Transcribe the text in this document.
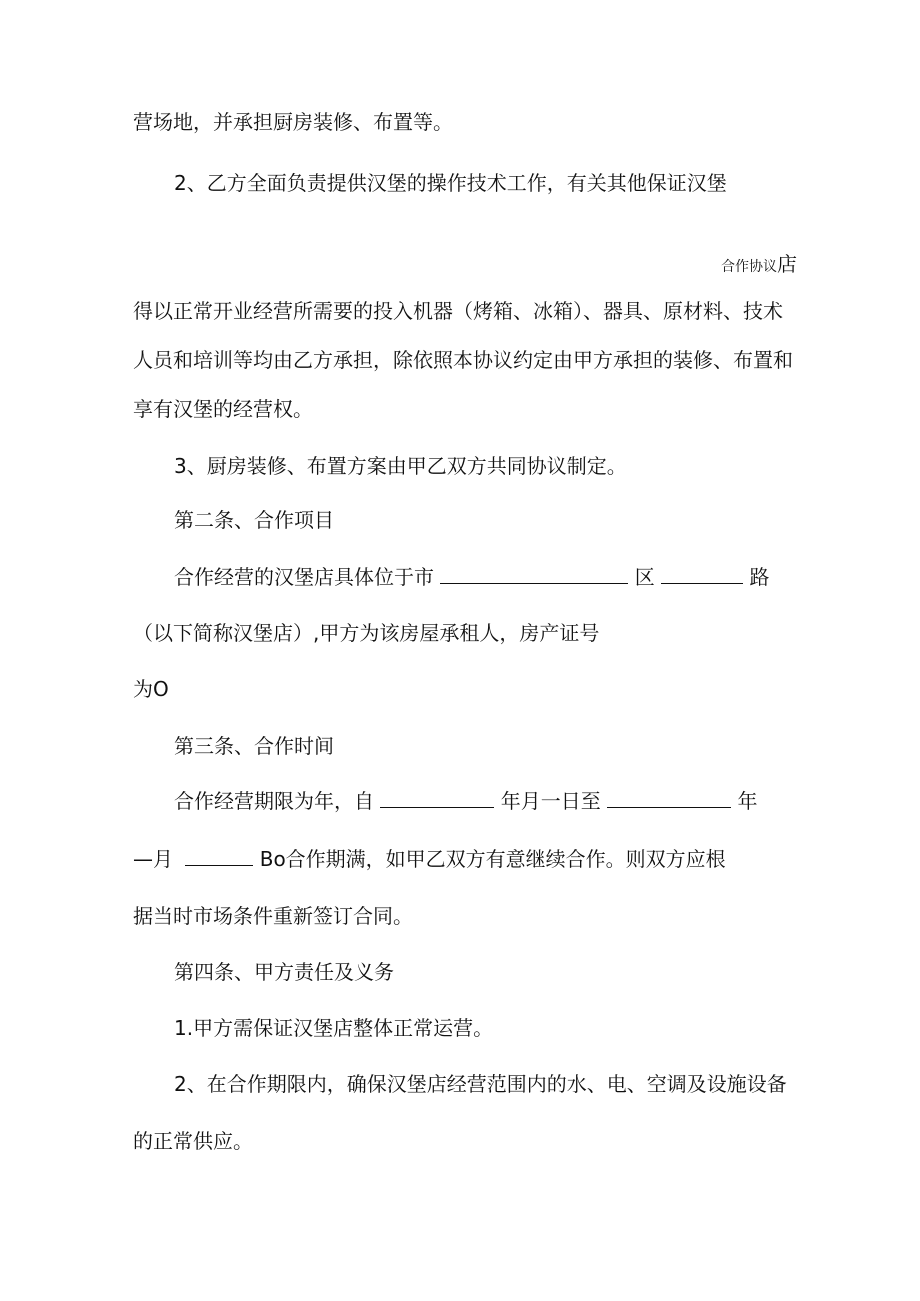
营场地，并承担厨房装修、布置等。
2、乙方全面负责提供汉堡的操作技术工作，有关其他保证汉堡
合作协议店
得以正常开业经营所需要的投入机器（烤箱、冰箱）、器具、原材料、技术
人员和培训等均由乙方承担，除依照本协议约定由甲方承担的装修、布置和
享有汉堡的经营权。
3、厨房装修、布置方案由甲乙双方共同协议制定。
第二条、合作项目
合作经营的汉堡店具体位于市	区	路
（以下简称汉堡店）,甲方为该房屋承租人，房产证号
为O
第三条、合作时间
合作经营期限为年，自	年月一日至	年
—月	Bo合作期满，如甲乙双方有意继续合作。则双方应根
据当时市场条件重新签订合同。
第四条、甲方责任及义务
1.甲方需保证汉堡店整体正常运营。
2、在合作期限内，确保汉堡店经营范围内的水、电、空调及设施设备
的正常供应。
